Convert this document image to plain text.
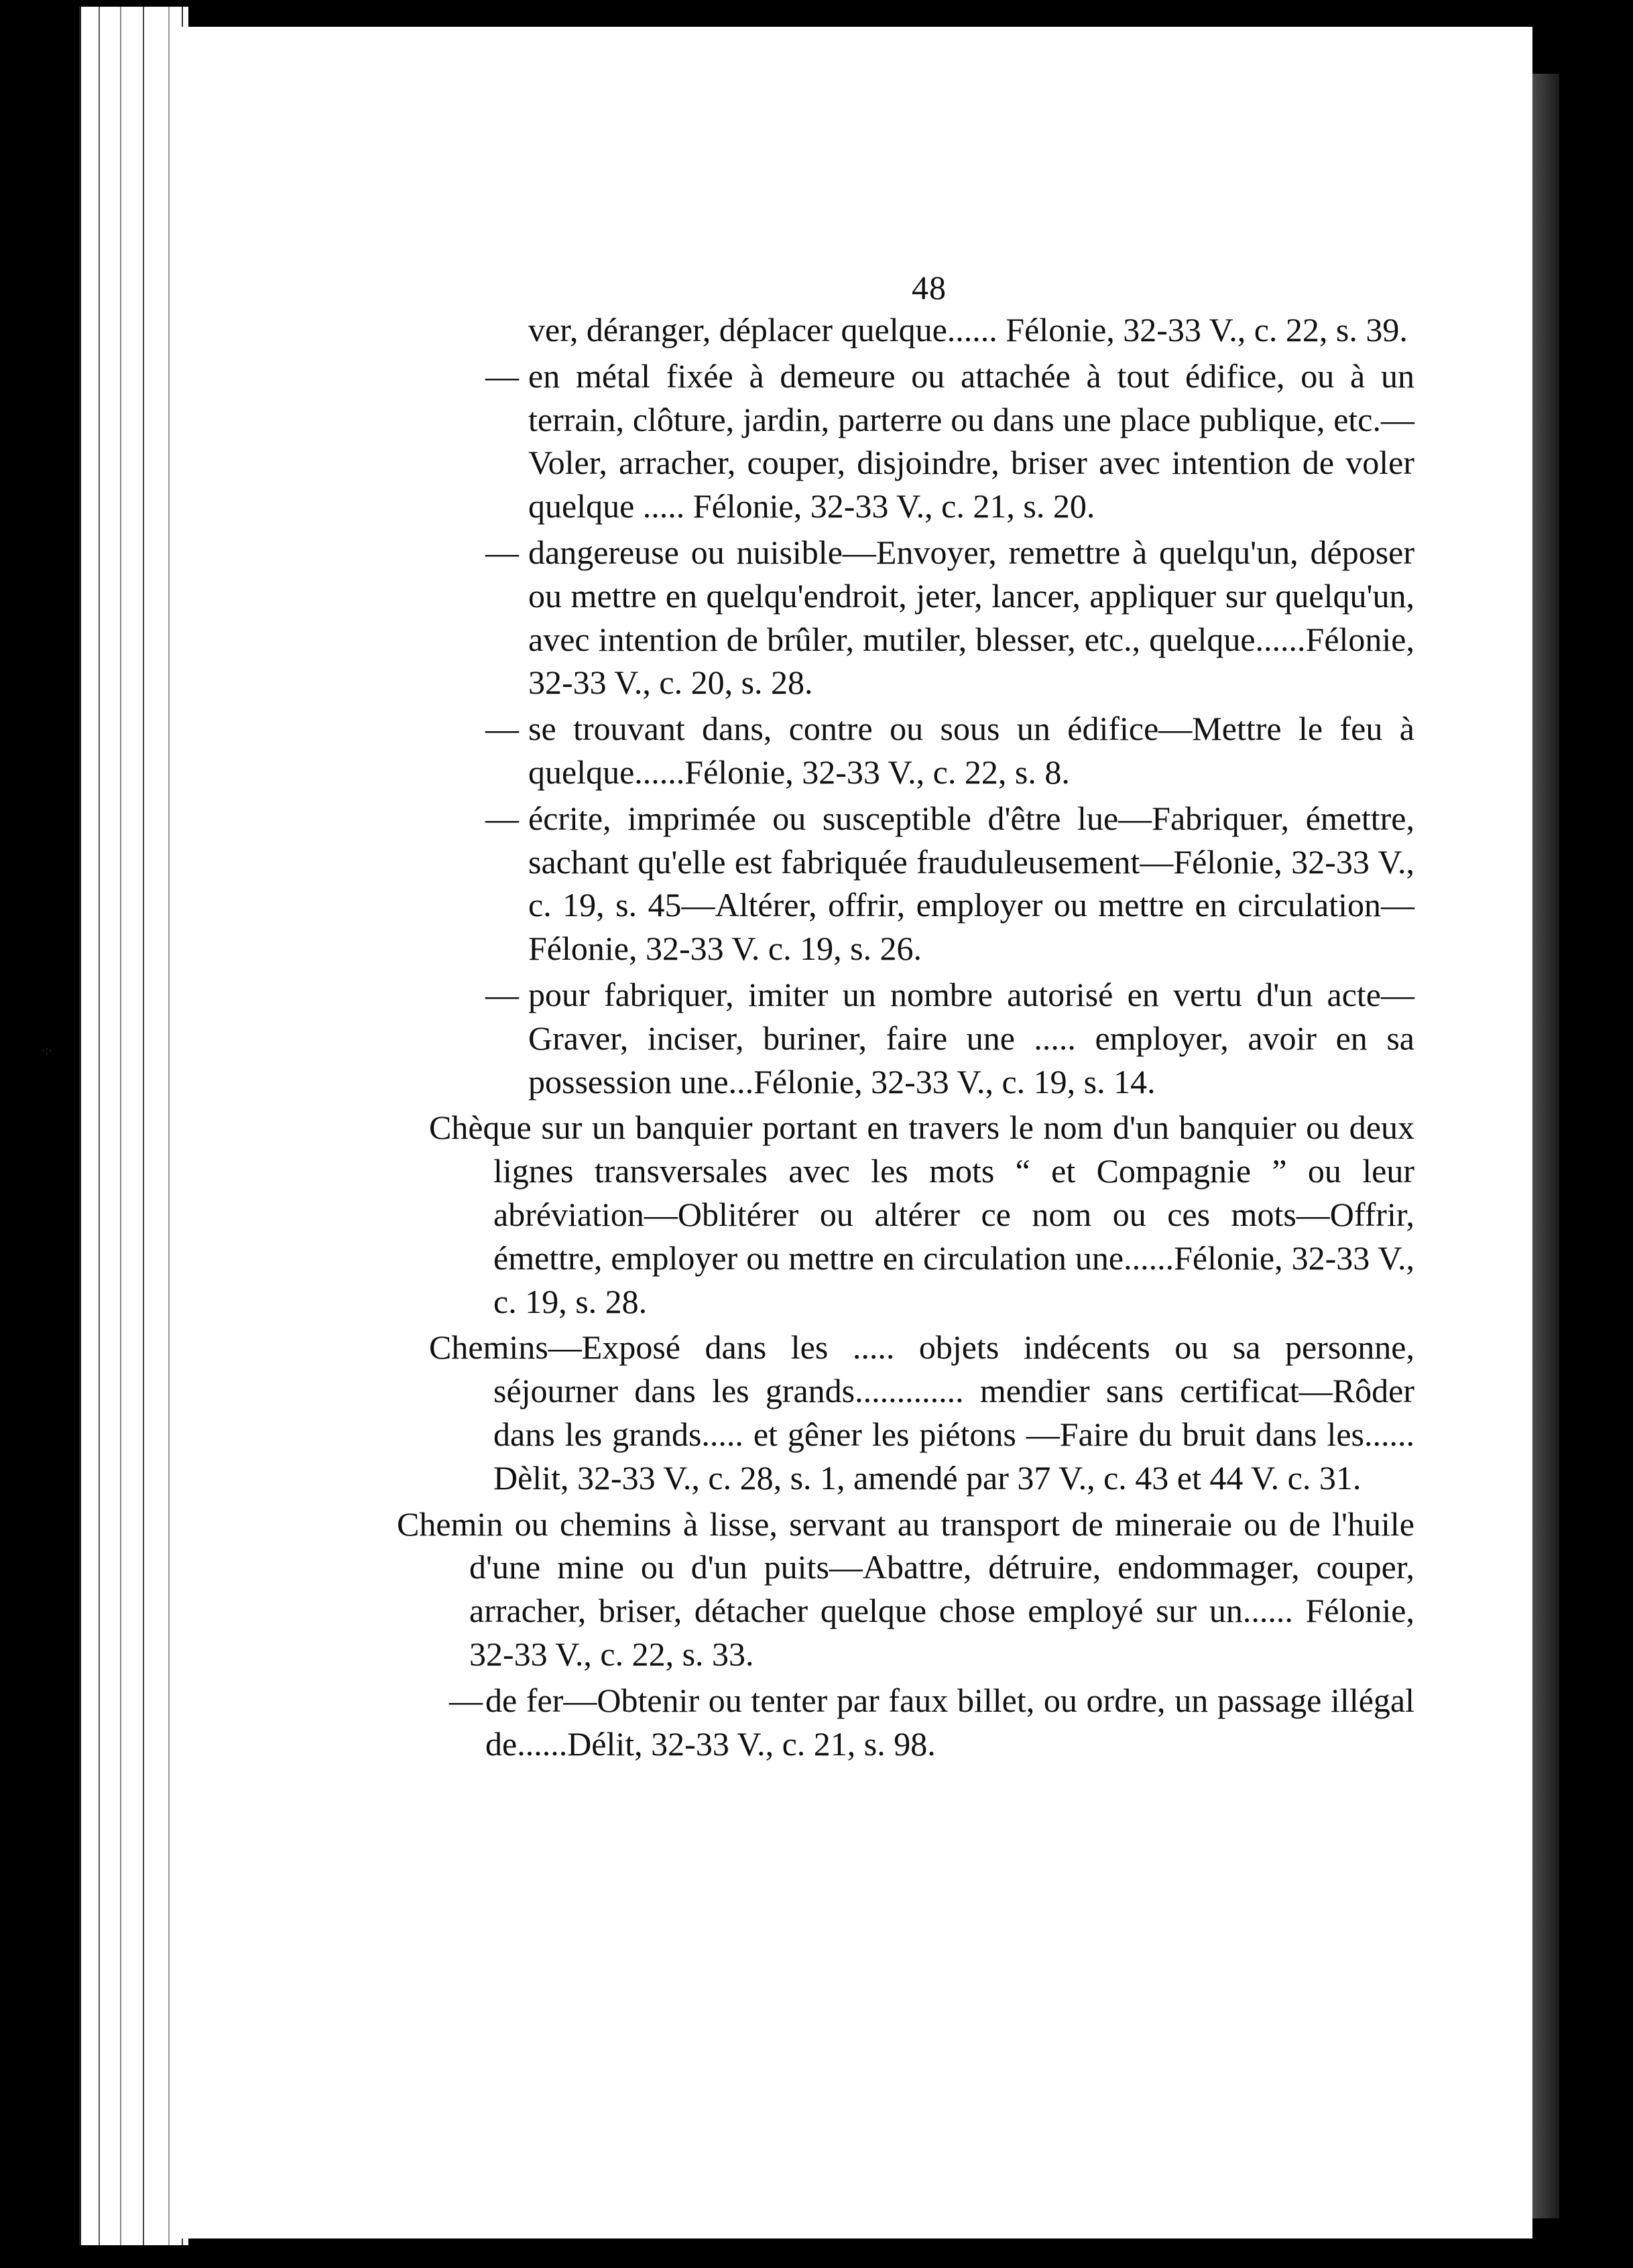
·:·
48

ver, déranger, déplacer quelque...... Félonie, 32-33 V., c. 22, s. 39.

— en métal fixée à demeure ou attachée à tout édifice, ou à un terrain, clôture, jardin, parterre ou dans une place publique, etc.—Voler, arracher, couper, disjoindre, briser avec intention de voler quelque ..... Félonie, 32-33 V., c. 21, s. 20.

— dangereuse ou nuisible—Envoyer, remettre à quelqu'un, déposer ou mettre en quelqu'endroit, jeter, lancer, appliquer sur quelqu'un, avec intention de brûler, mutiler, blesser, etc., quelque......Félonie, 32-33 V., c. 20, s. 28.

— se trouvant dans, contre ou sous un édifice—Mettre le feu à quelque......Félonie, 32-33 V., c. 22, s. 8.

— écrite, imprimée ou susceptible d'être lue—Fabriquer, émettre, sachant qu'elle est fabriquée frauduleusement—Félonie, 32-33 V., c. 19, s. 45—Altérer, offrir, employer ou mettre en circulation—Félonie, 32-33 V. c. 19, s. 26.

— pour fabriquer, imiter un nombre autorisé en vertu d'un acte— Graver, inciser, buriner, faire une ..... employer, avoir en sa possession une...Félonie, 32-33 V., c. 19, s. 14.

Chèque sur un banquier portant en travers le nom d'un banquier ou deux lignes transversales avec les mots “ et Compagnie ” ou leur abréviation—Oblitérer ou altérer ce nom ou ces mots—Offrir, émettre, employer ou mettre en circulation une......Félonie, 32-33 V., c. 19, s. 28.

Chemins—Exposé dans les ..... objets indécents ou sa personne, séjourner dans les grands............. mendier sans certificat—Rôder dans les grands..... et gêner les piétons —Faire du bruit dans les...... Dèlit, 32-33 V., c. 28, s. 1, amendé par 37 V., c. 43 et 44 V. c. 31.

Chemin ou chemins à lisse, servant au transport de mineraie ou de l'huile d'une mine ou d'un puits—Abattre, détruire, endommager, couper, arracher, briser, détacher quelque chose employé sur un...... Félonie, 32-33 V., c. 22, s. 33.

— de fer—Obtenir ou tenter par faux billet, ou ordre, un passage illégal de......Délit, 32-33 V., c. 21, s. 98.
